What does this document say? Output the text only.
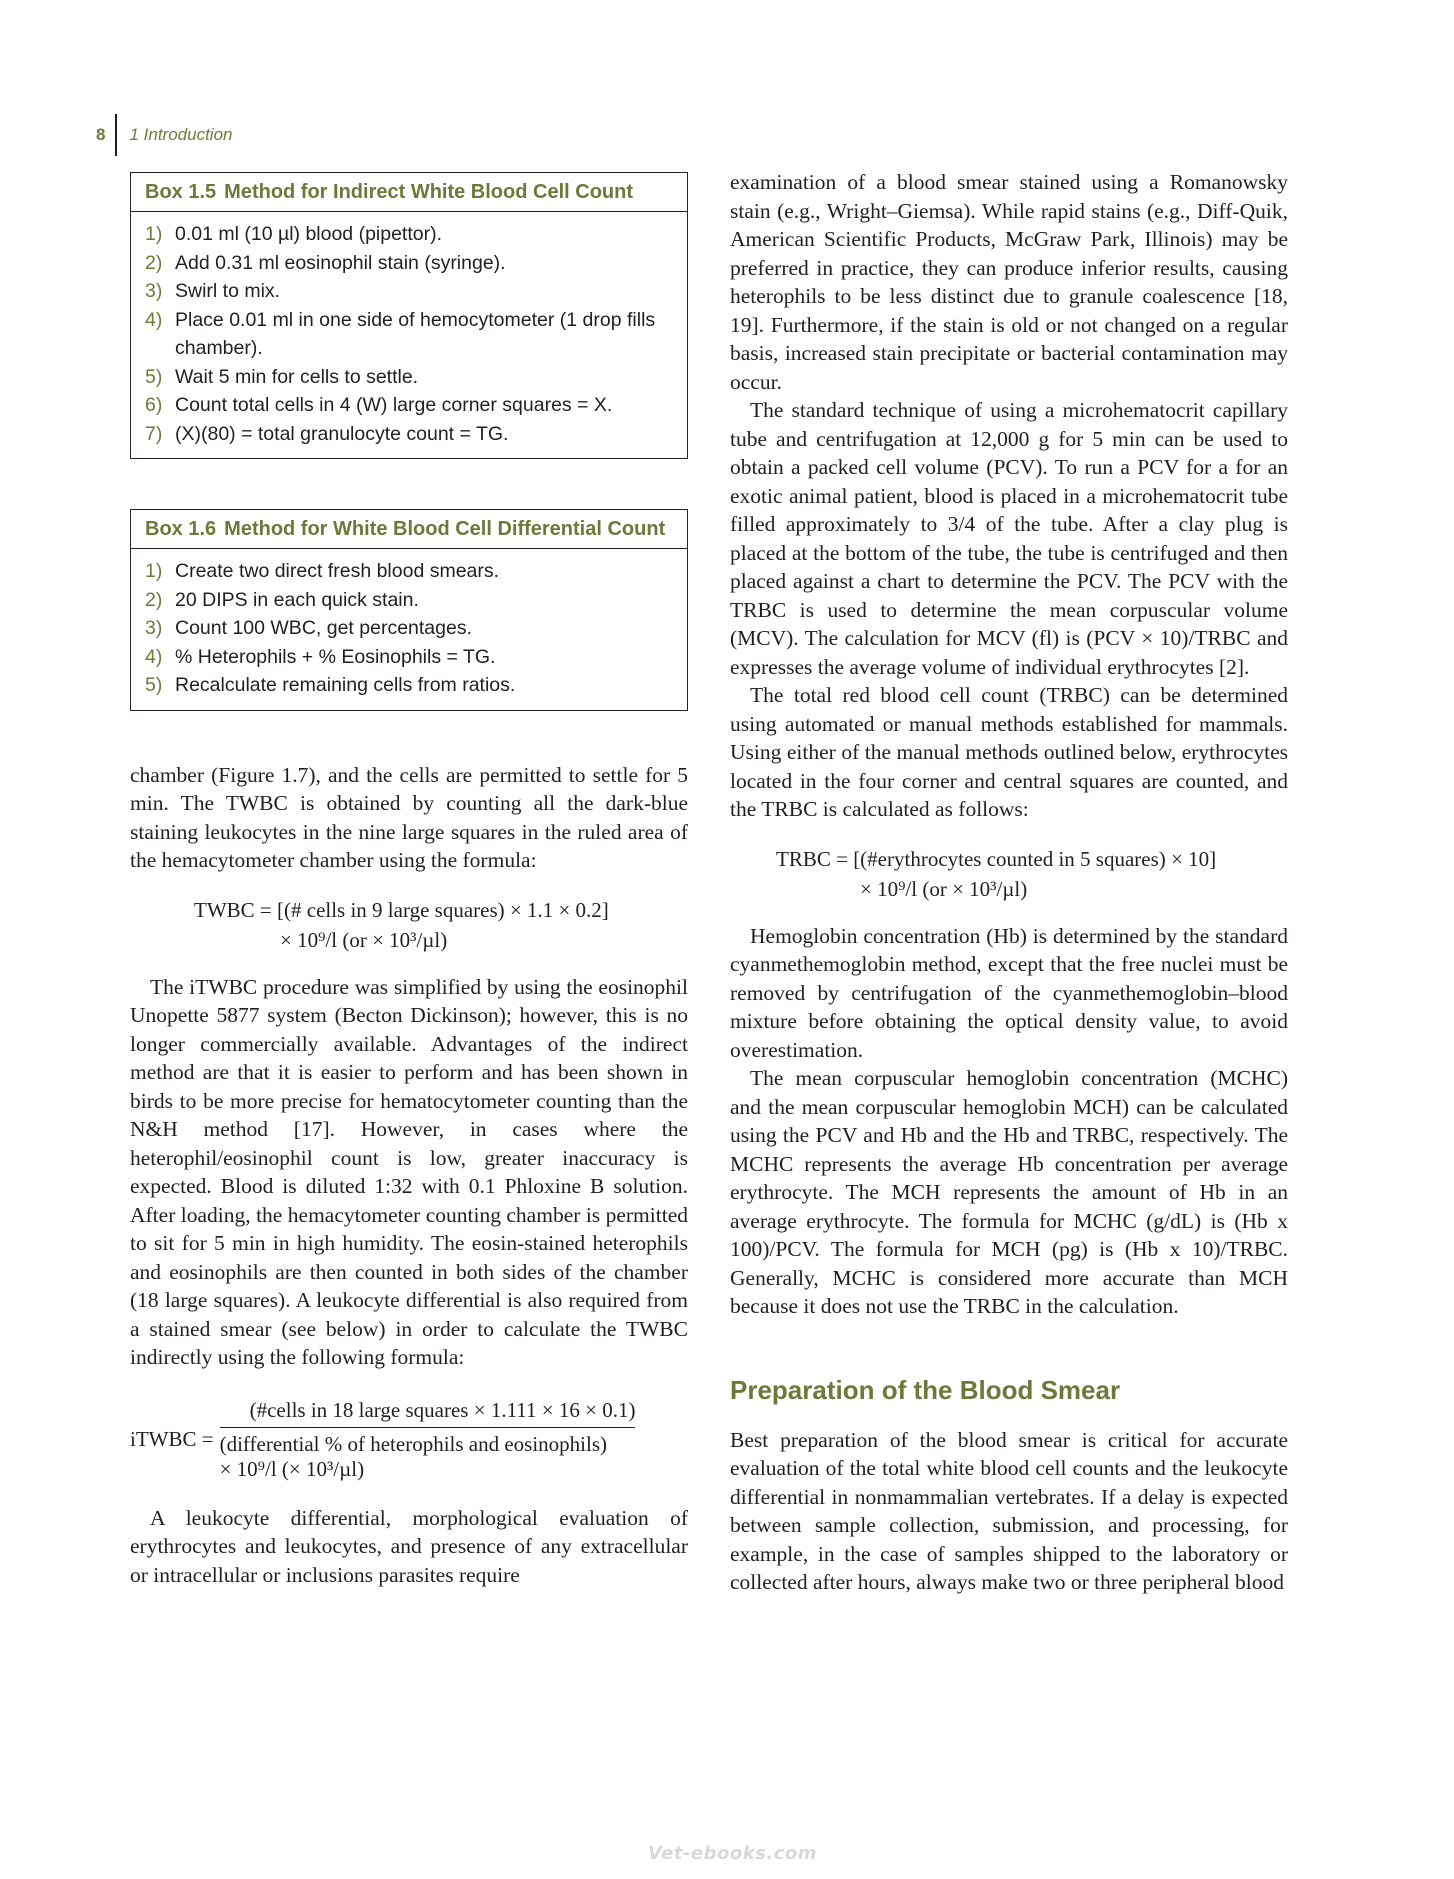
8 1 Introduction
Box 1.5 Method for Indirect White Blood Cell Count
1) 0.01 ml (10 µl) blood (pipettor).
2) Add 0.31 ml eosinophil stain (syringe).
3) Swirl to mix.
4) Place 0.01 ml in one side of hemocytometer (1 drop fills chamber).
5) Wait 5 min for cells to settle.
6) Count total cells in 4 (W) large corner squares = X.
7) (X)(80) = total granulocyte count = TG.
Box 1.6 Method for White Blood Cell Differential Count
1) Create two direct fresh blood smears.
2) 20 DIPS in each quick stain.
3) Count 100 WBC, get percentages.
4) % Heterophils + % Eosinophils = TG.
5) Recalculate remaining cells from ratios.

chamber (Figure 1.7), and the cells are permitted to settle for 5 min. The TWBC is obtained by counting all the dark-blue staining leukocytes in the nine large squares in the ruled area of the hemacytometer chamber using the formula:

TWBC = [(# cells in 9 large squares) × 1.1 × 0.2]
× 10⁹/l (or × 10³/µl)

The iTWBC procedure was simplified by using the eosinophil Unopette 5877 system (Becton Dickinson); however, this is no longer commercially available. Advantages of the indirect method are that it is easier to perform and has been shown in birds to be more precise for hematocytometer counting than the N&H method [17]. However, in cases where the heterophil/eosinophil count is low, greater inaccuracy is expected. Blood is diluted 1:32 with 0.1 Phloxine B solution. After loading, the hemacytometer counting chamber is permitted to sit for 5 min in high humidity. The eosin-stained heterophils and eosinophils are then counted in both sides of the chamber (18 large squares). A leukocyte differential is also required from a stained smear (see below) in order to calculate the TWBC indirectly using the following formula:

iTWBC =
(#cells in 18 large squares × 1.111 × 16 × 0.1)
(differential % of heterophils and eosinophils)
× 10⁹/l (× 10³/µl)

A leukocyte differential, morphological evaluation of erythrocytes and leukocytes, and presence of any extracellular or intracellular or inclusions parasites require

examination of a blood smear stained using a Romanowsky stain (e.g., Wright–Giemsa). While rapid stains (e.g., Diff-Quik, American Scientific Products, McGraw Park, Illinois) may be preferred in practice, they can produce inferior results, causing heterophils to be less distinct due to granule coalescence [18, 19]. Furthermore, if the stain is old or not changed on a regular basis, increased stain precipitate or bacterial contamination may occur.

The standard technique of using a microhematocrit capillary tube and centrifugation at 12,000 g for 5 min can be used to obtain a packed cell volume (PCV). To run a PCV for a for an exotic animal patient, blood is placed in a microhematocrit tube filled approximately to 3/4 of the tube. After a clay plug is placed at the bottom of the tube, the tube is centrifuged and then placed against a chart to determine the PCV. The PCV with the TRBC is used to determine the mean corpuscular volume (MCV). The calculation for MCV (fl) is (PCV × 10)/TRBC and expresses the average volume of individual erythrocytes [2].

The total red blood cell count (TRBC) can be determined using automated or manual methods established for mammals. Using either of the manual methods outlined below, erythrocytes located in the four corner and central squares are counted, and the TRBC is calculated as follows:

TRBC = [(#erythrocytes counted in 5 squares) × 10]
× 10⁹/l (or × 10³/µl)

Hemoglobin concentration (Hb) is determined by the standard cyanmethemoglobin method, except that the free nuclei must be removed by centrifugation of the cyanmethemoglobin–blood mixture before obtaining the optical density value, to avoid overestimation.

The mean corpuscular hemoglobin concentration (MCHC) and the mean corpuscular hemoglobin MCH) can be calculated using the PCV and Hb and the Hb and TRBC, respectively. The MCHC represents the average Hb concentration per average erythrocyte. The MCH represents the amount of Hb in an average erythrocyte. The formula for MCHC (g/dL) is (Hb x 100)/PCV. The formula for MCH (pg) is (Hb x 10)/TRBC. Generally, MCHC is considered more accurate than MCH because it does not use the TRBC in the calculation.

Preparation of the Blood Smear

Best preparation of the blood smear is critical for accurate evaluation of the total white blood cell counts and the leukocyte differential in nonmammalian vertebrates. If a delay is expected between sample collection, submission, and processing, for example, in the case of samples shipped to the laboratory or collected after hours, always make two or three peripheral blood

Vet-ebooks.com
